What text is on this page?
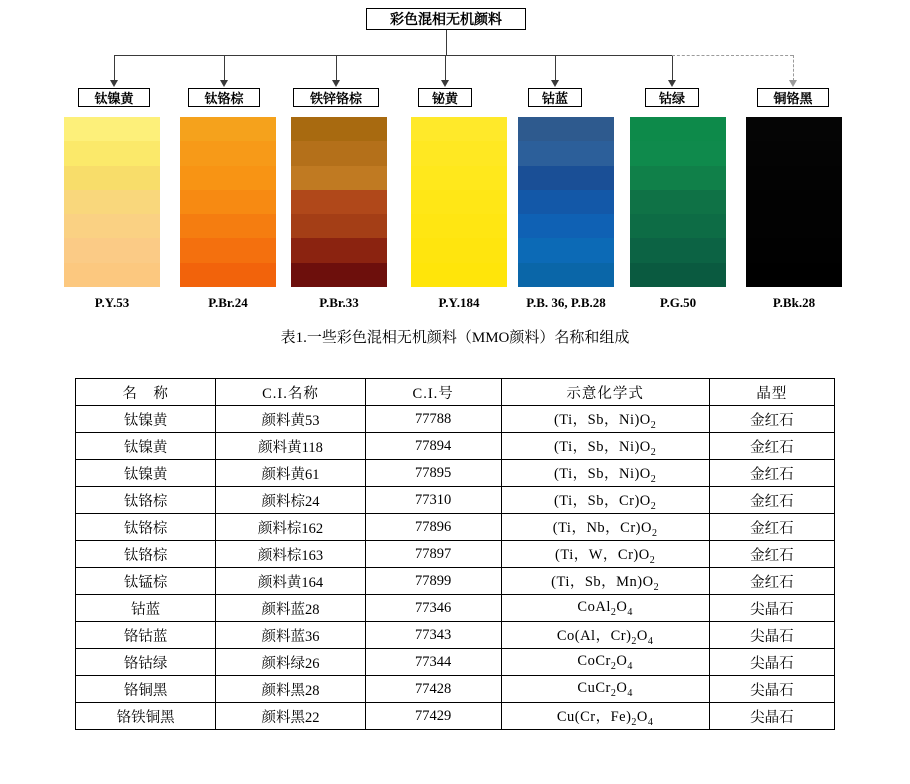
彩色混相无机颜料
钛镍黄	钛铬棕	铁锌铬棕	铋黄	钴蓝	钴绿	铜铬黑
P.Y.53	P.Br.24	P.Br.33	P.Y.184	P.B. 36, P.B.28	P.G.50	P.Bk.28
表1.一些彩色混相无机颜料（MMO颜料）名称和组成
名　称	C.I.名称	C.I.号	示意化学式	晶型
钛镍黄	颜料黄53	77788	(Ti，Sb，$Ni)O_2$	金红石
钛镍黄	颜料黄118	77894	(Ti，Sb，$Ni)O_2$	金红石
钛镍黄	颜料黄61	77895	(Ti，Sb，$Ni)O_2$	金红石
钛铬棕	颜料棕24	77310	(Ti，Sb，$Cr)O_2$	金红石
钛铬棕	颜料棕162	77896	(Ti，Nb，$Cr)O_2$	金红石
钛铬棕	颜料棕163	77897	(Ti，W，$Cr)O_2$	金红石
钛锰棕	颜料黄164	77899	(Ti，Sb，$Mn)O_2$	金红石
钴蓝	颜料蓝28	77346	$CoAl_2O_4$	尖晶石
铬钴蓝	颜料蓝36	77343	Co(Al，$Cr)_2O_4$	尖晶石
铬钴绿	颜料绿26	77344	$CoCr_2O_4$	尖晶石
铬铜黑	颜料黑28	77428	$CuCr_2O_4$	尖晶石
铬铁铜黑	颜料黑22	77429	Cu(Cr，$Fe)_2O_4$	尖晶石
